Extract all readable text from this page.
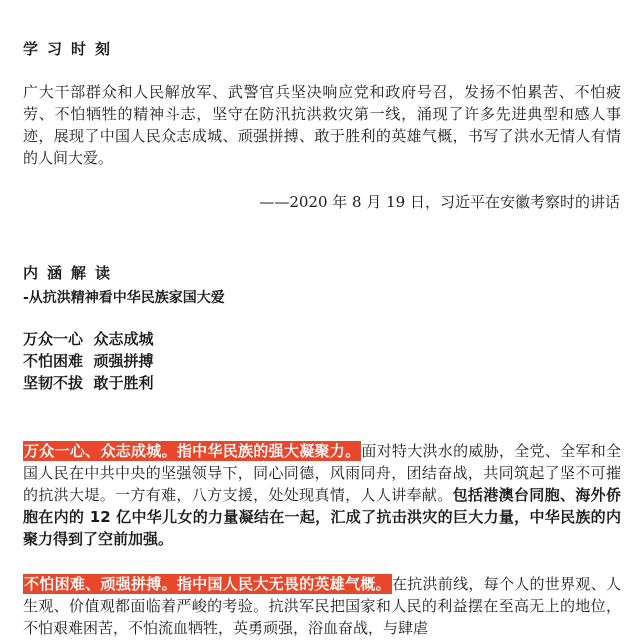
学习时刻
广大干部群众和人民解放军、武警官兵坚决响应党和政府号召，发扬不怕累苦、不怕疲劳、不怕牺牲的精神斗志，坚守在防汛抗洪救灾第一线，涌现了许多先进典型和感人事迹，展现了中国人民众志成城、顽强拼搏、敢于胜利的英雄气概，书写了洪水无情人有情的人间大爱。
——2020 年 8 月 19 日，习近平在安徽考察时的讲话
内涵解读
-从抗洪精神看中华民族家国大爱
万众一心  众志成城
不怕困难  顽强拼搏
坚韧不拔  敢于胜利
万众一心、众志成城。指中华民族的强大凝聚力。面对特大洪水的威胁，全党、全军和全国人民在中共中央的坚强领导下，同心同德，风雨同舟，团结奋战，共同筑起了坚不可摧的抗洪大堤。一方有难，八方支援，处处现真情，人人讲奉献。包括港澳台同胞、海外侨胞在内的 12 亿中华儿女的力量凝结在一起，汇成了抗击洪灾的巨大力量，中华民族的内聚力得到了空前加强。
不怕困难、顽强拼搏。指中国人民大无畏的英雄气概。在抗洪前线，每个人的世界观、人生观、价值观都面临着严峻的考验。抗洪军民把国家和人民的利益摆在至高无上的地位，不怕艰难困苦，不怕流血牺牲，英勇顽强，浴血奋战，与肆虐
